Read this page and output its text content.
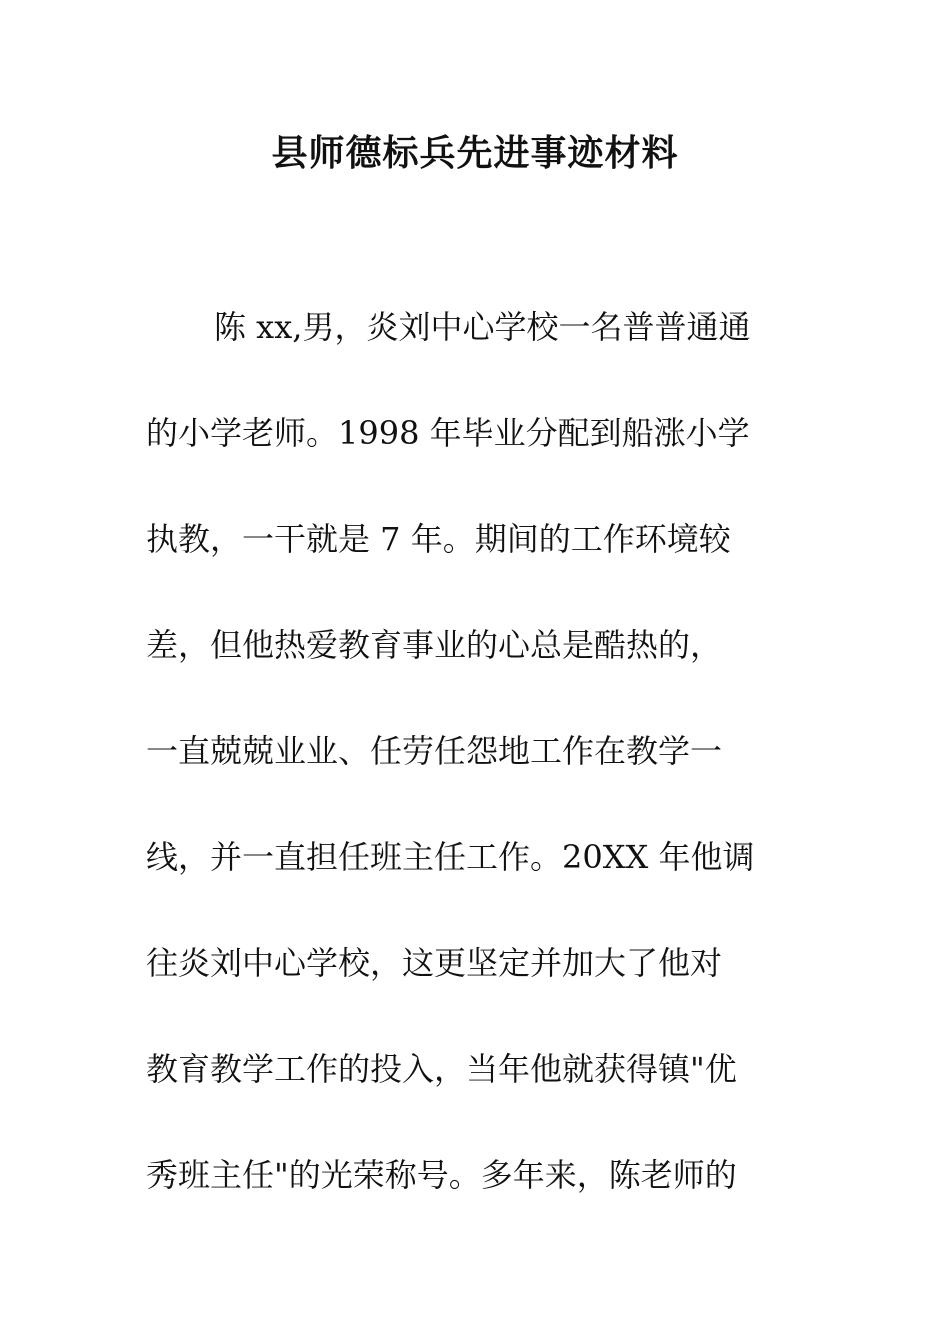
县师德标兵先进事迹材料
陈 xx,男，炎刘中心学校一名普普通通
的小学老师。1998 年毕业分配到船涨小学
执教，一干就是 7 年。期间的工作环境较
差，但他热爱教育事业的心总是酷热的，
一直兢兢业业、任劳任怨地工作在教学一
线，并一直担任班主任工作。20XX 年他调
往炎刘中心学校，这更坚定并加大了他对
教育教学工作的投入，当年他就获得镇"优
秀班主任"的光荣称号。多年来，陈老师的
